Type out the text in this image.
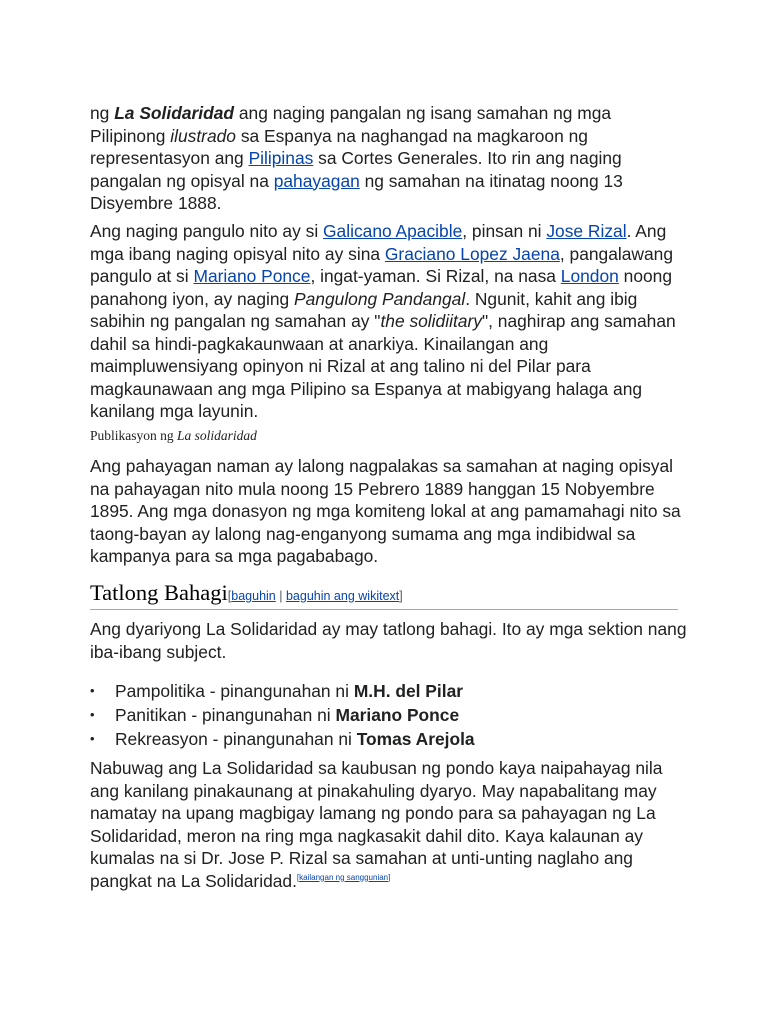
ng La Solidaridad ang naging pangalan ng isang samahan ng mga Pilipinong ilustrado sa Espanya na naghangad na magkaroon ng representasyon ang Pilipinas sa Cortes Generales. Ito rin ang naging pangalan ng opisyal na pahayagan ng samahan na itinatag noong 13 Disyembre 1888.

Ang naging pangulo nito ay si Galicano Apacible, pinsan ni Jose Rizal. Ang mga ibang naging opisyal nito ay sina Graciano Lopez Jaena, pangalawang pangulo at si Mariano Ponce, ingat-yaman. Si Rizal, na nasa London noong panahong iyon, ay naging Pangulong Pandangal. Ngunit, kahit ang ibig sabihin ng pangalan ng samahan ay "the solidiitary", naghirap ang samahan dahil sa hindi-pagkakaunwaan at anarkiya. Kinailangan ang maimpluwensiyang opinyon ni Rizal at ang talino ni del Pilar para magkaunawaan ang mga Pilipino sa Espanya at mabigyang halaga ang kanilang mga layunin.

Publikasyon ng La solidaridad

Ang pahayagan naman ay lalong nagpalakas sa samahan at naging opisyal na pahayagan nito mula noong 15 Pebrero 1889 hanggan 15 Nobyembre 1895. Ang mga donasyon ng mga komiteng lokal at ang pamamahagi nito sa taong-bayan ay lalong nag-enganyong sumama ang mga indibidwal sa kampanya para sa mga pagababago.

Tatlong Bahagi[baguhin | baguhin ang wikitext]

Ang dyariyong La Solidaridad ay may tatlong bahagi. Ito ay mga sektion nang iba-ibang subject.

• Pampolitika - pinangunahan ni M.H. del Pilar
• Panitikan - pinangunahan ni Mariano Ponce
• Rekreasyon - pinangunahan ni Tomas Arejola

Nabuwag ang La Solidaridad sa kaubusan ng pondo kaya naipahayag nila ang kanilang pinakaunang at pinakahuling dyaryo. May napabalitang may namatay na upang magbigay lamang ng pondo para sa pahayagan ng La Solidaridad, meron na ring mga nagkasakit dahil dito. Kaya kalaunan ay kumalas na si Dr. Jose P. Rizal sa samahan at unti-unting naglaho ang pangkat na La Solidaridad.[kailangan ng sanggunian]
